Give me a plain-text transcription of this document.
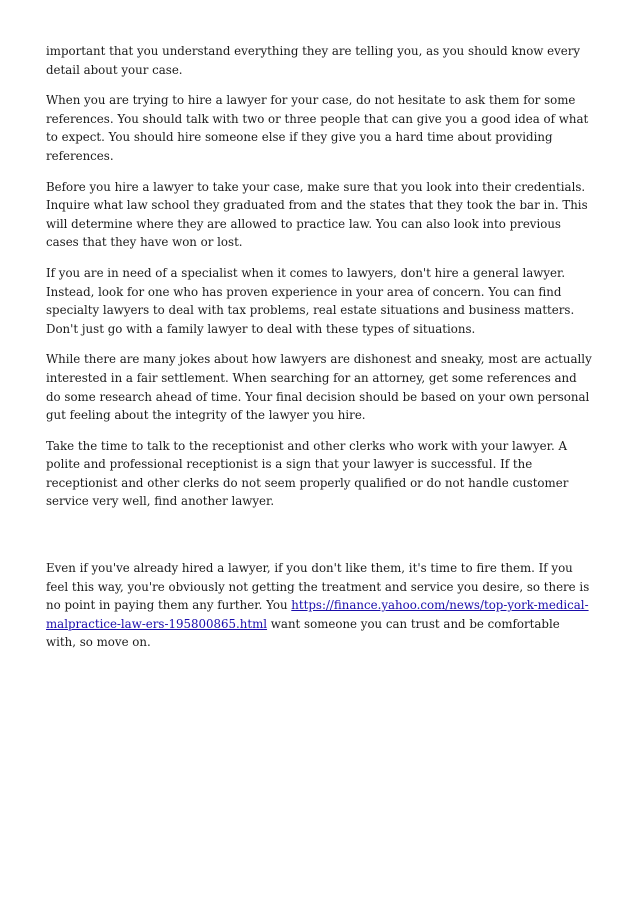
important that you understand everything they are telling you, as you should know every detail about your case.

When you are trying to hire a lawyer for your case, do not hesitate to ask them for some references. You should talk with two or three people that can give you a good idea of what to expect. You should hire someone else if they give you a hard time about providing references.

Before you hire a lawyer to take your case, make sure that you look into their credentials. Inquire what law school they graduated from and the states that they took the bar in. This will determine where they are allowed to practice law. You can also look into previous cases that they have won or lost.

If you are in need of a specialist when it comes to lawyers, don't hire a general lawyer. Instead, look for one who has proven experience in your area of concern. You can find specialty lawyers to deal with tax problems, real estate situations and business matters. Don't just go with a family lawyer to deal with these types of situations.

While there are many jokes about how lawyers are dishonest and sneaky, most are actually interested in a fair settlement. When searching for an attorney, get some references and do some research ahead of time. Your final decision should be based on your own personal gut feeling about the integrity of the lawyer you hire.

Take the time to talk to the receptionist and other clerks who work with your lawyer. A polite and professional receptionist is a sign that your lawyer is successful. If the receptionist and other clerks do not seem properly qualified or do not handle customer service very well, find another lawyer.

Even if you've already hired a lawyer, if you don't like them, it's time to fire them. If you feel this way, you're obviously not getting the treatment and service you desire, so there is no point in paying them any further. You https://finance.yahoo.com/news/top-york-medical-malpractice-law-ers-195800865.html want someone you can trust and be comfortable with, so move on.
